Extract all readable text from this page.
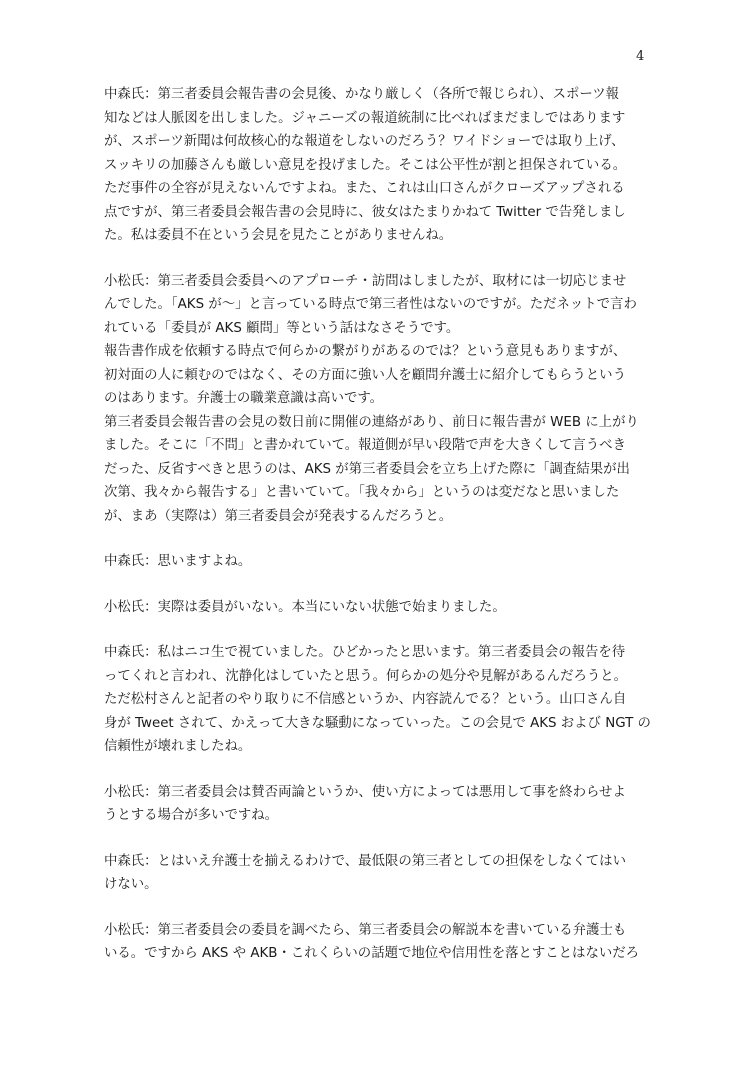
4
中森氏：第三者委員会報告書の会見後、かなり厳しく（各所で報じられ）、スポーツ報
知などは人脈図を出しました。ジャニーズの報道統制に比べればまだましではあります
が、スポーツ新聞は何故核心的な報道をしないのだろう？ワイドショーでは取り上げ、
スッキリの加藤さんも厳しい意見を投げました。そこは公平性が割と担保されている。
ただ事件の全容が見えないんですよね。また、これは山口さんがクローズアップされる
点ですが、第三者委員会報告書の会見時に、彼女はたまりかねて Twitter で告発しまし
た。私は委員不在という会見を見たことがありませんね。
小松氏：第三者委員会委員へのアプローチ・訪問はしましたが、取材には一切応じませ
んでした。「AKS が～」と言っている時点で第三者性はないのですが。ただネットで言わ
れている「委員が AKS 顧問」等という話はなさそうです。
報告書作成を依頼する時点で何らかの繋がりがあるのでは？という意見もありますが、
初対面の人に頼むのではなく、その方面に強い人を顧問弁護士に紹介してもらうという
のはあります。弁護士の職業意識は高いです。
第三者委員会報告書の会見の数日前に開催の連絡があり、前日に報告書が WEB に上がり
ました。そこに「不問」と書かれていて。報道側が早い段階で声を大きくして言うべき
だった、反省すべきと思うのは、AKS が第三者委員会を立ち上げた際に「調査結果が出
次第、我々から報告する」と書いていて。「我々から」というのは変だなと思いました
が、まあ（実際は）第三者委員会が発表するんだろうと。
中森氏：思いますよね。
小松氏：実際は委員がいない。本当にいない状態で始まりました。
中森氏：私はニコ生で視ていました。ひどかったと思います。第三者委員会の報告を待
ってくれと言われ、沈静化はしていたと思う。何らかの処分や見解があるんだろうと。
ただ松村さんと記者のやり取りに不信感というか、内容読んでる？という。山口さん自
身が Tweet されて、かえって大きな騒動になっていった。この会見で AKS および NGT の
信頼性が壊れましたね。
小松氏：第三者委員会は賛否両論というか、使い方によっては悪用して事を終わらせよ
うとする場合が多いですね。
中森氏：とはいえ弁護士を揃えるわけで、最低限の第三者としての担保をしなくてはい
けない。
小松氏：第三者委員会の委員を調べたら、第三者委員会の解説本を書いている弁護士も
いる。ですから AKS や AKB・これくらいの話題で地位や信用性を落とすことはないだろ
